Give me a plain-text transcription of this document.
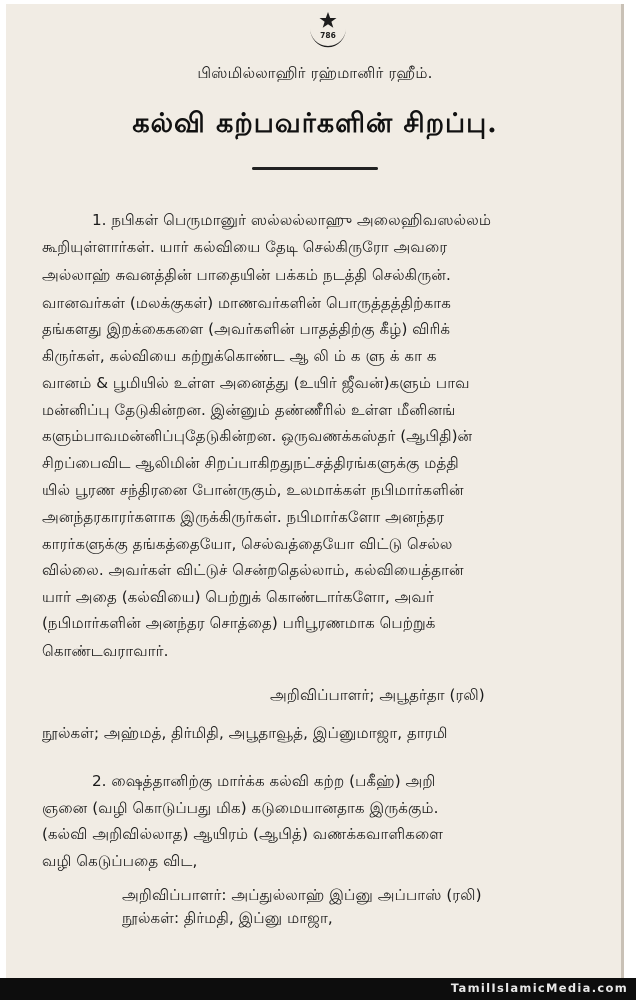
786
பிஸ்மில்லாஹிர் ரஹ்மானிர் ரஹீம்.
கல்வி கற்பவர்களின் சிறப்பு.
1. நபிகள் பெருமானுர் ஸல்லல்லாஹு அலைஹிவஸல்லம்
கூறியுள்ளார்கள். யார் கல்வியை தேடி செல்கிருரோ அவரை
அல்லாஹ் சுவனத்தின் பாதையின் பக்கம் நடத்தி செல்கிருன்.
வானவர்கள் (மலக்குகள்) மாணவர்களின் பொருத்தத்திற்காக
தங்களது இறக்கைகளை (அவர்களின் பாதத்திற்கு கீழ்) விரிக்
கிருர்கள், கல்வியை கற்றுக்கொண்ட ஆ லி ம் க ளு க் கா க
வானம் & பூமியில் உள்ள அனைத்து (உயிர் ஜீவன்)களும் பாவ
மன்னிப்பு தேடுகின்றன. இன்னும் தண்ணீரில் உள்ள மீனினங்
களும்பாவமன்னிப்புதேடுகின்றன. ஒருவணக்கஸ்தர் (ஆபிதி)ன்
சிறப்பைவிட ஆலிமின் சிறப்பாகிறதுநட்சத்திரங்களுக்கு மத்தி
யில் பூரண சந்திரனை போன்ருகும், உலமாக்கள் நபிமார்களின்
அனந்தரகாரர்களாக இருக்கிருர்கள். நபிமார்களோ அனந்தர
காரர்களுக்கு தங்கத்தையோ, செல்வத்தையோ விட்டு செல்ல
வில்லை. அவர்கள் விட்டுச் சென்றதெல்லாம், கல்வியைத்தான்
யார் அதை (கல்வியை) பெற்றுக் கொண்டார்களோ, அவர்
(நபிமார்களின் அனந்தர சொத்தை) பரிபூரணமாக பெற்றுக்
கொண்டவராவார்.
அறிவிப்பாளர்; அபூதர்தா (ரலி)
நூல்கள்; அஹ்மத், திர்மிதி, அபூதாவூத், இப்னுமாஜா, தாரமி
2. ஷைத்தானிற்கு மார்க்க கல்வி கற்ற (பகீஹ்) அறி
ஞனை (வழி கொடுப்பது மிக) கடுமையானதாக இருக்கும்.
(கல்வி அறிவில்லாத) ஆயிரம் (ஆபித்) வணக்கவாளிகளை
வழி கெடுப்பதை விட,
அறிவிப்பாளர்: அப்துல்லாஹ் இப்னு அப்பாஸ் (ரலி)
நூல்கள்: திர்மதி, இப்னு மாஜா,
TamilIslamicMedia.com
